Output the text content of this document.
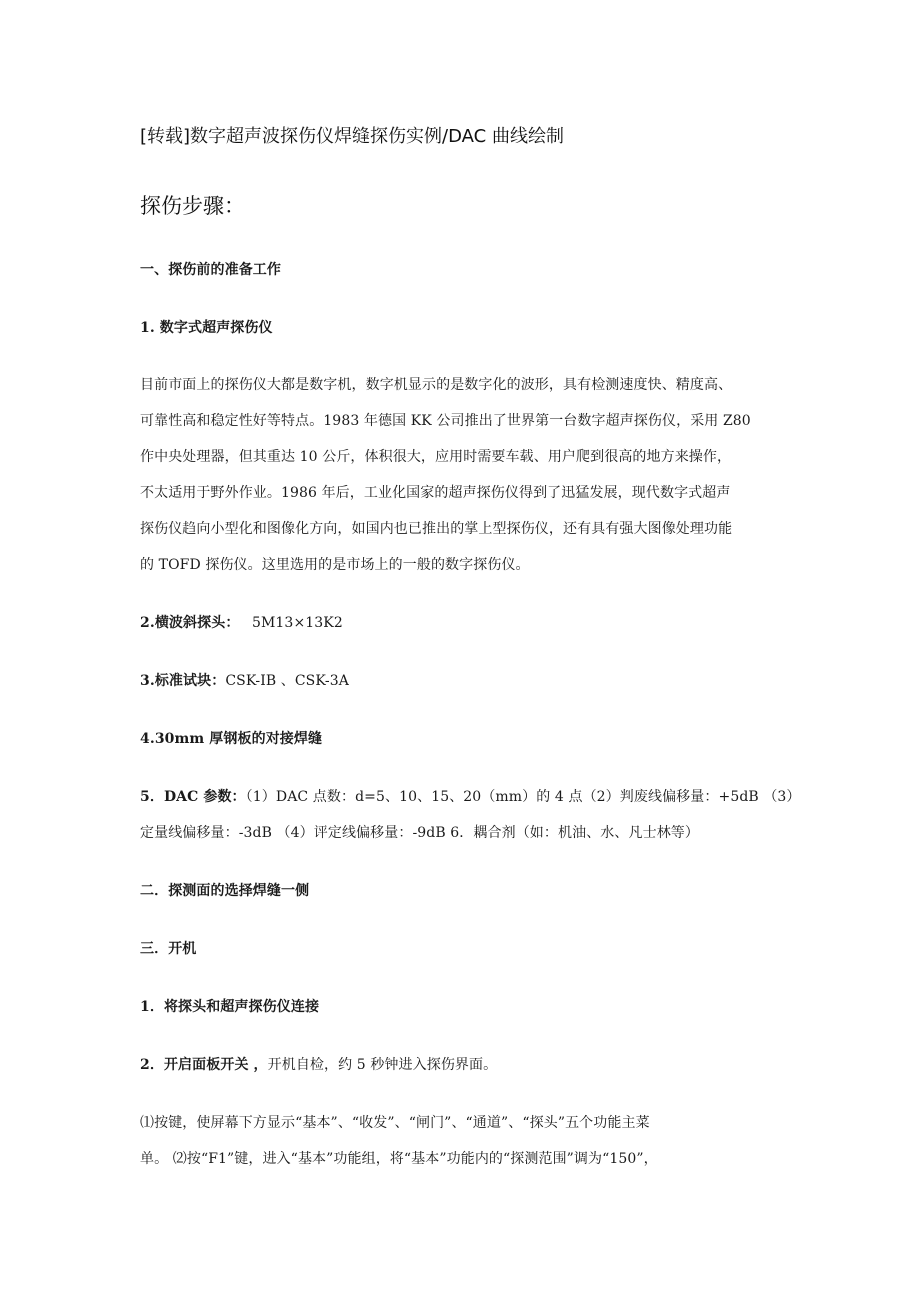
[转载]数字超声波探伤仪焊缝探伤实例/DAC 曲线绘制
探伤步骤：
一、探伤前的准备工作
1. 数字式超声探伤仪
目前市面上的探伤仪大都是数字机，数字机显示的是数字化的波形，具有检测速度快、精度高、
可靠性高和稳定性好等特点。1983 年德国 KK 公司推出了世界第一台数字超声探伤仪，采用 Z80
作中央处理器，但其重达 10 公斤，体积很大，应用时需要车载、用户爬到很高的地方来操作，
不太适用于野外作业。1986 年后，工业化国家的超声探伤仪得到了迅猛发展，现代数字式超声
探伤仪趋向小型化和图像化方向，如国内也已推出的掌上型探伤仪，还有具有强大图像处理功能
的 TOFD 探伤仪。这里选用的是市场上的一般的数字探伤仪。
2.横波斜探头： 5M13×13K2
3.标准试块：CSK-IB 、CSK-3A
4.30mm 厚钢板的对接焊缝
5．DAC 参数：（1）DAC 点数：d=5、10、15、20（mm）的 4 点（2）判废线偏移量：+5dB （3）
定量线偏移量：-3dB （4）评定线偏移量：-9dB 6．耦合剂（如：机油、水、凡士林等）
二．探测面的选择焊缝一侧
三．开机
1．将探头和超声探伤仪连接
2．开启面板开关 ，开机自检，约 5 秒钟进入探伤界面。
⑴按键，使屏幕下方显示“基本”、“收发”、“闸门”、“通道”、“探头”五个功能主菜
单。 ⑵按“F1”键，进入“基本”功能组，将“基本”功能内的“探测范围”调为“150”，
